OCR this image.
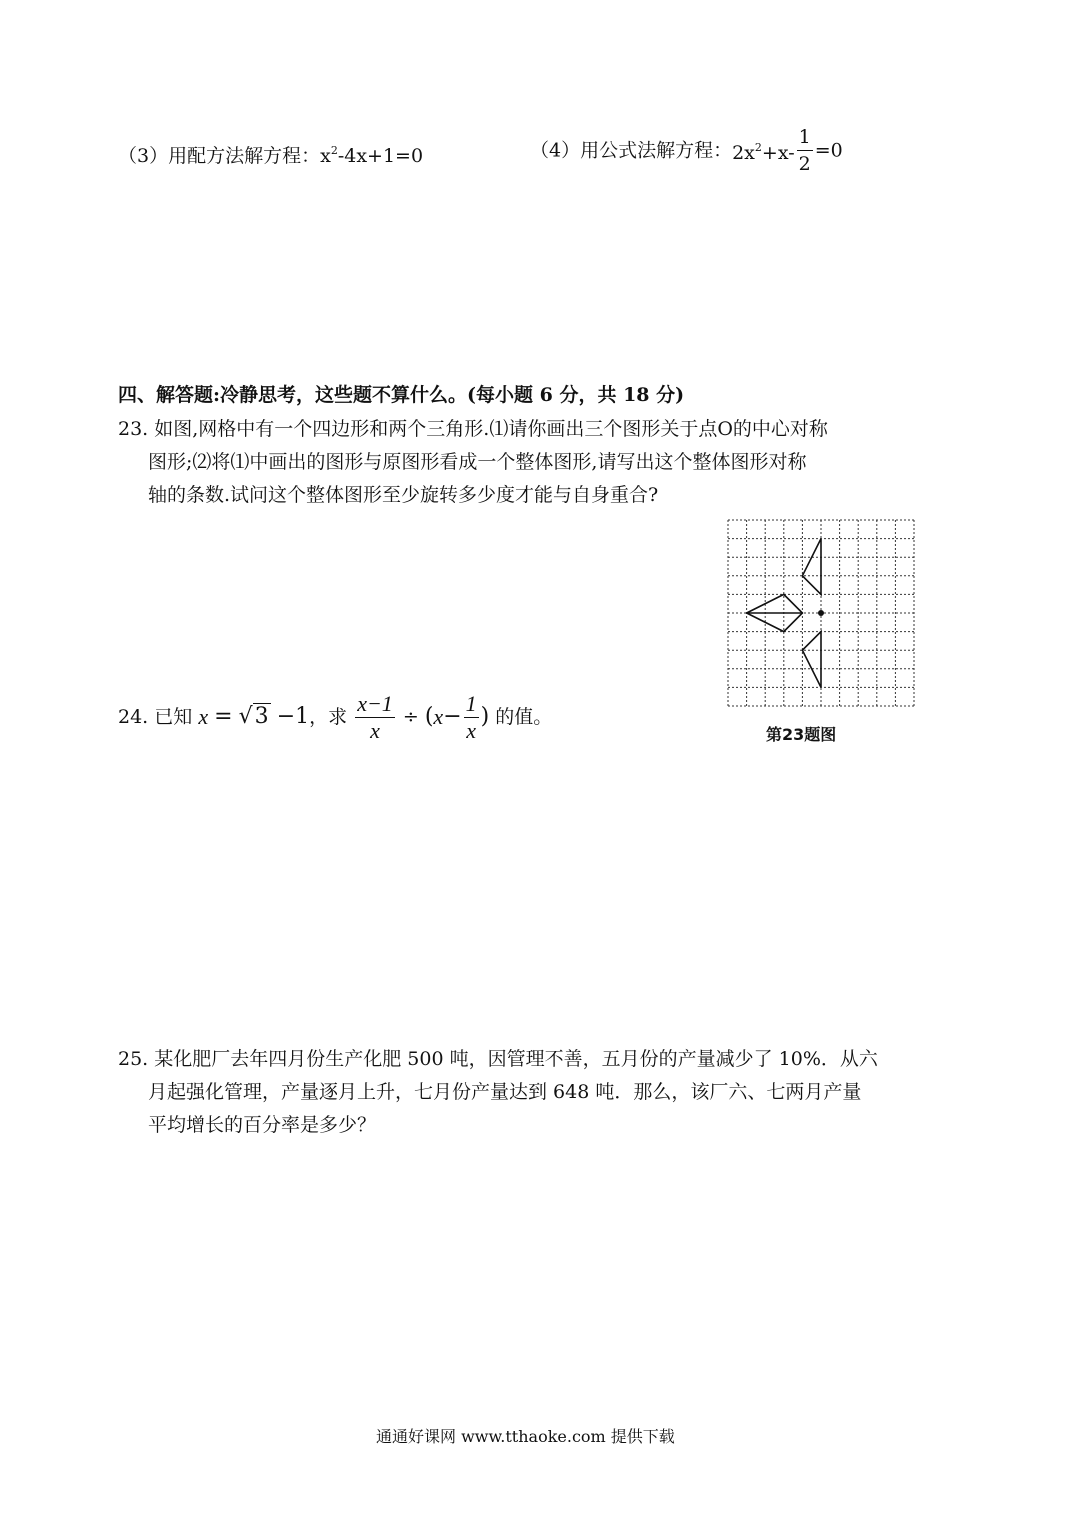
（3）用配方法解方程：$x^2-4x+1=0$	（4）用公式法解方程：$2x^2+x- \frac{1}{2} =0$
四、解答题:冷静思考，这些题不算什么。(每小题 6 分，共 18 分)
23. 如图,网格中有一个四边形和两个三角形.⑴请你画出三个图形关于点O的中心对称
图形;⑵将⑴中画出的图形与原图形看成一个整体图形,请写出这个整体图形对称
轴的条数.试问这个整体图形至少旋转多少度才能与自身重合?
第23题图
24. 已知 x = √3 −1，求 $\frac{x-1}{x} \div (x- \frac{1}{x}$ ) 的值。
25. 某化肥厂去年四月份生产化肥 500 吨，因管理不善，五月份的产量减少了 10%．从六
月起强化管理，产量逐月上升，七月份产量达到 648 吨．那么，该厂六、七两月产量
平均增长的百分率是多少？
通通好课网 www.tthaoke.com 提供下载
